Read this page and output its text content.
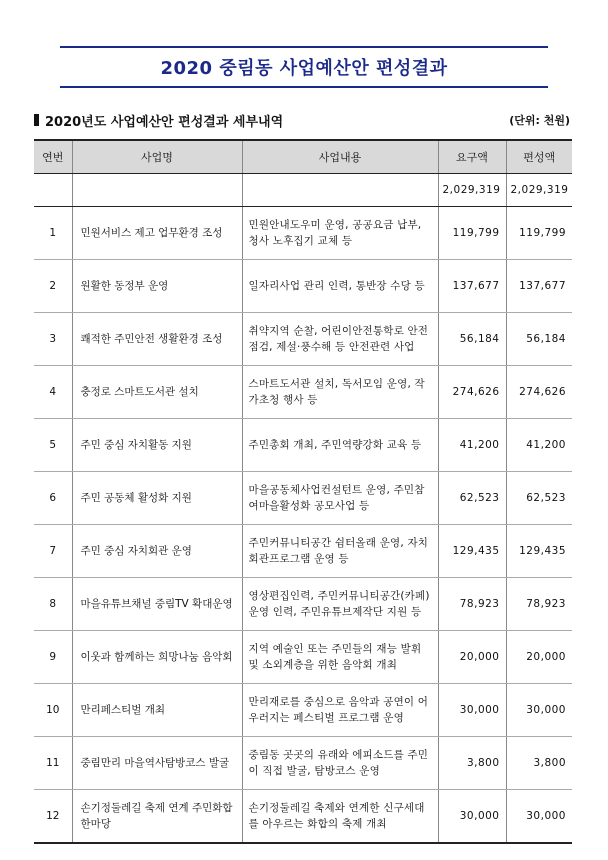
2020 중림동 사업예산안 편성결과
2020년도 사업예산안 편성결과 세부내역	(단위: 천원)
연번	사업명	사업내용	요구액	편성액
			2,029,319	2,029,319
1	민원서비스 제고 업무환경 조성	민원안내도우미 운영, 공공요금 납부, 청사 노후집기 교체 등	119,799	119,799
2	원활한 동정부 운영	일자리사업 관리 인력, 통반장 수당 등	137,677	137,677
3	쾌적한 주민안전 생활환경 조성	취약지역 순찰, 어린이안전통학로 안전점검, 제설·풍수해 등 안전관련 사업	56,184	56,184
4	충정로 스마트도서관 설치	스마트도서관 설치, 독서모임 운영, 작가초청 행사 등	274,626	274,626
5	주민 중심 자치활동 지원	주민총회 개최, 주민역량강화 교육 등	41,200	41,200
6	주민 공동체 활성화 지원	마을공동체사업컨설턴트 운영, 주민참여마을활성화 공모사업 등	62,523	62,523
7	주민 중심 자치회관 운영	주민커뮤니티공간 쉼터올래 운영, 자치회관프로그램 운영 등	129,435	129,435
8	마을유튜브채널 중림TV 확대운영	영상편집인력, 주민커뮤니티공간(카페) 운영 인력, 주민유튜브제작단 지원 등	78,923	78,923
9	이웃과 함께하는 희망나눔 음악회	지역 예술인 또는 주민들의 재능 발휘 및 소외계층을 위한 음악회 개최	20,000	20,000
10	만리페스티벌 개최	만리재로를 중심으로 음악과 공연이 어우러지는 페스티벌 프로그램 운영	30,000	30,000
11	중림만리 마을역사탐방코스 발굴	중림동 곳곳의 유래와 에피소드를 주민이 직접 발굴, 탐방코스 운영	3,800	3,800
12	손기정둘레길 축제 연계 주민화합한마당	손기정둘레길 축제와 연계한 신구세대를 아우르는 화합의 축제 개최	30,000	30,000
